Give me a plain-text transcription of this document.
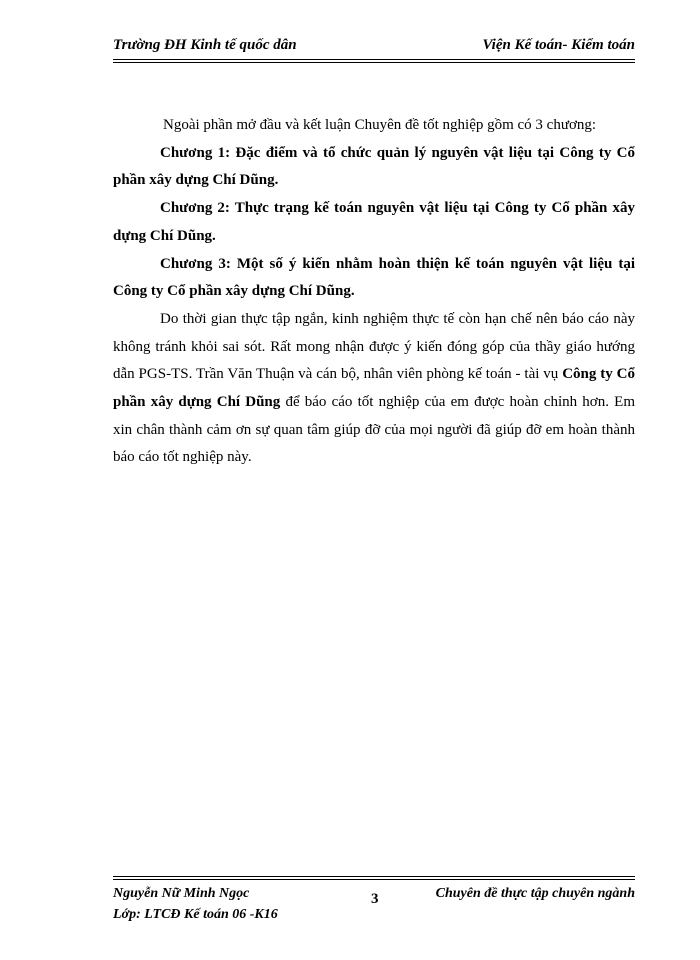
Trường ĐH Kinh tế quốc dân	Viện Kế toán- Kiểm toán

Ngoài phần mở đầu và kết luận Chuyên đề tốt nghiệp gồm có 3 chương:

Chương 1: Đặc điểm và tổ chức quản lý nguyên vật liệu tại Công ty Cổ phần xây dựng Chí Dũng.

Chương 2: Thực trạng kế toán nguyên vật liệu tại Công ty Cổ phần xây dựng Chí Dũng.

Chương 3: Một số ý kiến nhằm hoàn thiện kế toán nguyên vật liệu tại Công ty Cổ phần xây dựng Chí Dũng.

Do thời gian thực tập ngắn, kinh nghiệm thực tế còn hạn chế nên báo cáo này không tránh khỏi sai sót. Rất mong nhận được ý kiến đóng góp của thầy giáo hướng dẫn PGS-TS. Trần Văn Thuận và cán bộ, nhân viên phòng kế toán - tài vụ Công ty Cổ phần xây dựng Chí Dũng để báo cáo tốt nghiệp của em được hoàn chỉnh hơn. Em xin chân thành cảm ơn sự quan tâm giúp đỡ của mọi người đã giúp đỡ em hoàn thành báo cáo tốt nghiệp này.

Nguyễn Nữ Minh Ngọc
Lớp: LTCĐ Kế toán 06 -K16
3	Chuyên đề thực tập chuyên ngành
